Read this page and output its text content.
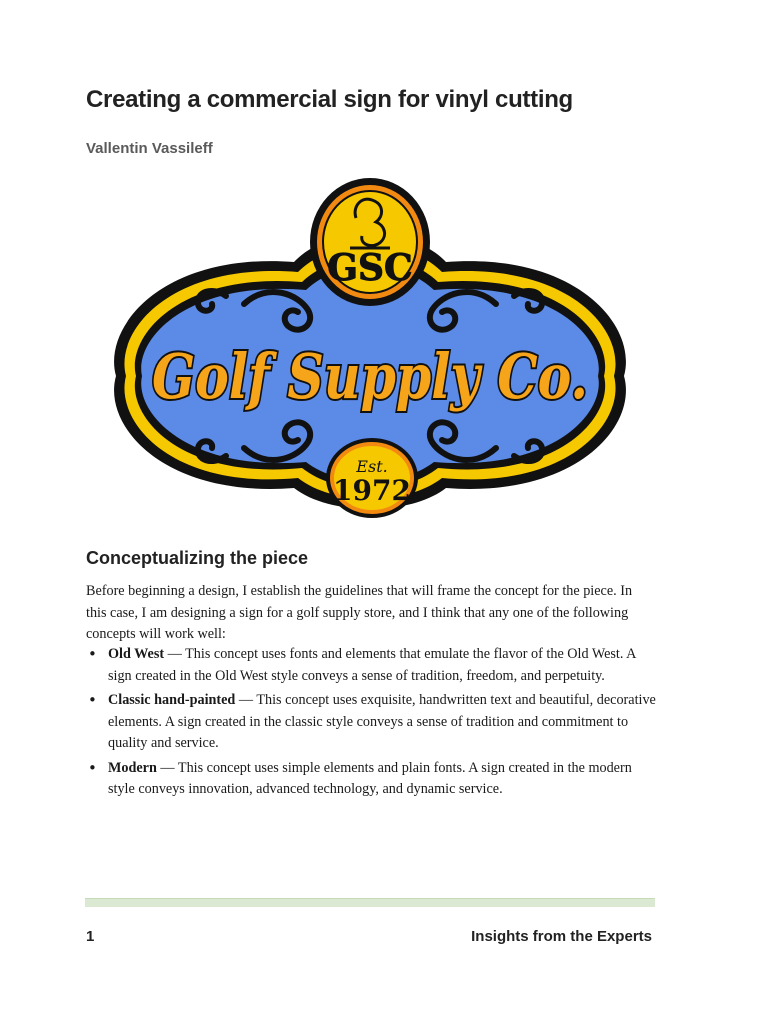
Creating a commercial sign for vinyl cutting

Vallentin Vassileff

GSC
Golf Supply Co.
Est.
1972
Conceptualizing the piece

Before beginning a design, I establish the guidelines that will frame the concept for the piece. In this case, I am designing a sign for a golf supply store, and I think that any one of the following concepts will work well:

• Old West — This concept uses fonts and elements that emulate the flavor of the Old West. A sign created in the Old West style conveys a sense of tradition, freedom, and perpetuity.
• Classic hand-painted — This concept uses exquisite, handwritten text and beautiful, decorative elements. A sign created in the classic style conveys a sense of tradition and commitment to quality and service.
• Modern — This concept uses simple elements and plain fonts. A sign created in the modern style conveys innovation, advanced technology, and dynamic service.

1	Insights from the Experts
